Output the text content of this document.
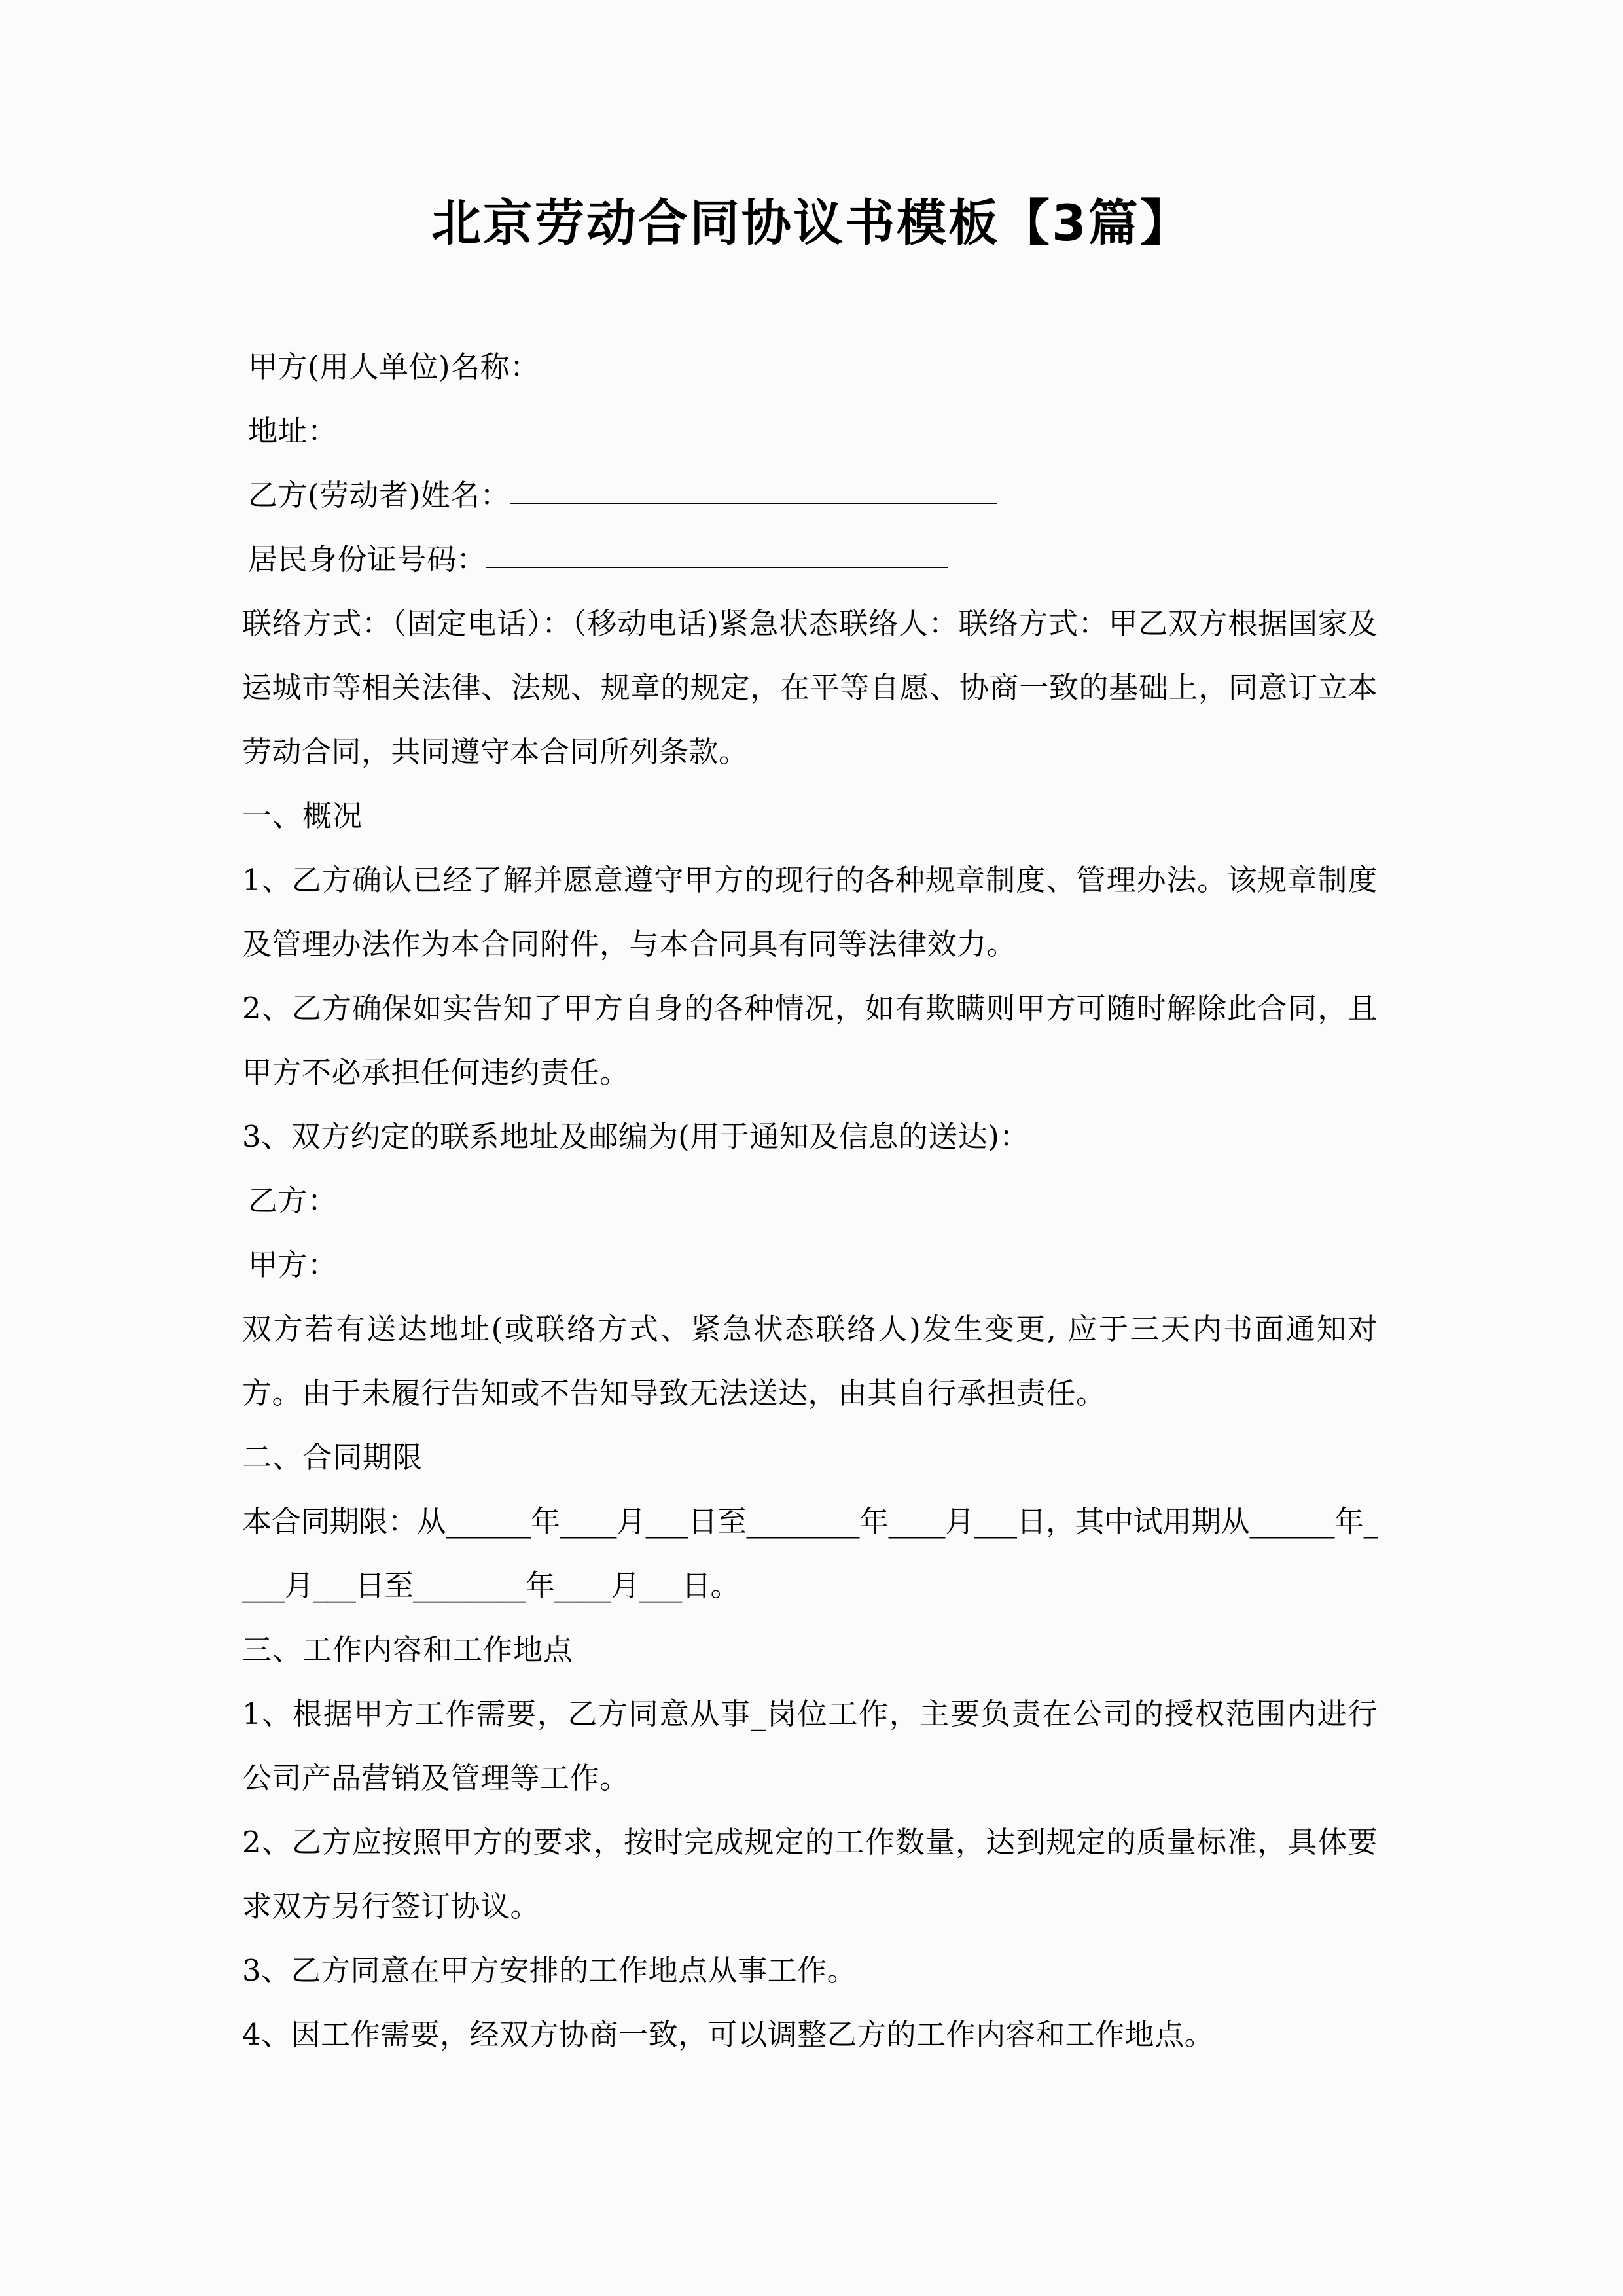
北京劳动合同协议书模板【3篇】

甲方(用人单位)名称：

地址：

乙方(劳动者)姓名：

居民身份证号码：

联络方式：（固定电话）：（移动电话)紧急状态联络人：联络方式：甲乙双方根据国家及运城市等相关法律、法规、规章的规定，在平等自愿、协商一致的基础上，同意订立本劳动合同，共同遵守本合同所列条款。

一、概况

1、乙方确认已经了解并愿意遵守甲方的现行的各种规章制度、管理办法。该规章制度及管理办法作为本合同附件，与本合同具有同等法律效力。

2、乙方确保如实告知了甲方自身的各种情况，如有欺瞒则甲方可随时解除此合同，且甲方不必承担任何违约责任。

3、双方约定的联系地址及邮编为(用于通知及信息的送达)：

乙方：

甲方：

双方若有送达地址(或联络方式、紧急状态联络人)发生变更, 应于三天内书面通知对方。由于未履行告知或不告知导致无法送达，由其自行承担责任。

二、合同期限

本合同期限：从______年____月___日至________年____月___日，其中试用期从______年____月___日至________年____月___日。

三、工作内容和工作地点

1、根据甲方工作需要，乙方同意从事_岗位工作，主要负责在公司的授权范围内进行公司产品营销及管理等工作。

2、乙方应按照甲方的要求，按时完成规定的工作数量，达到规定的质量标准，具体要求双方另行签订协议。

3、乙方同意在甲方安排的工作地点从事工作。

4、因工作需要，经双方协商一致，可以调整乙方的工作内容和工作地点。
